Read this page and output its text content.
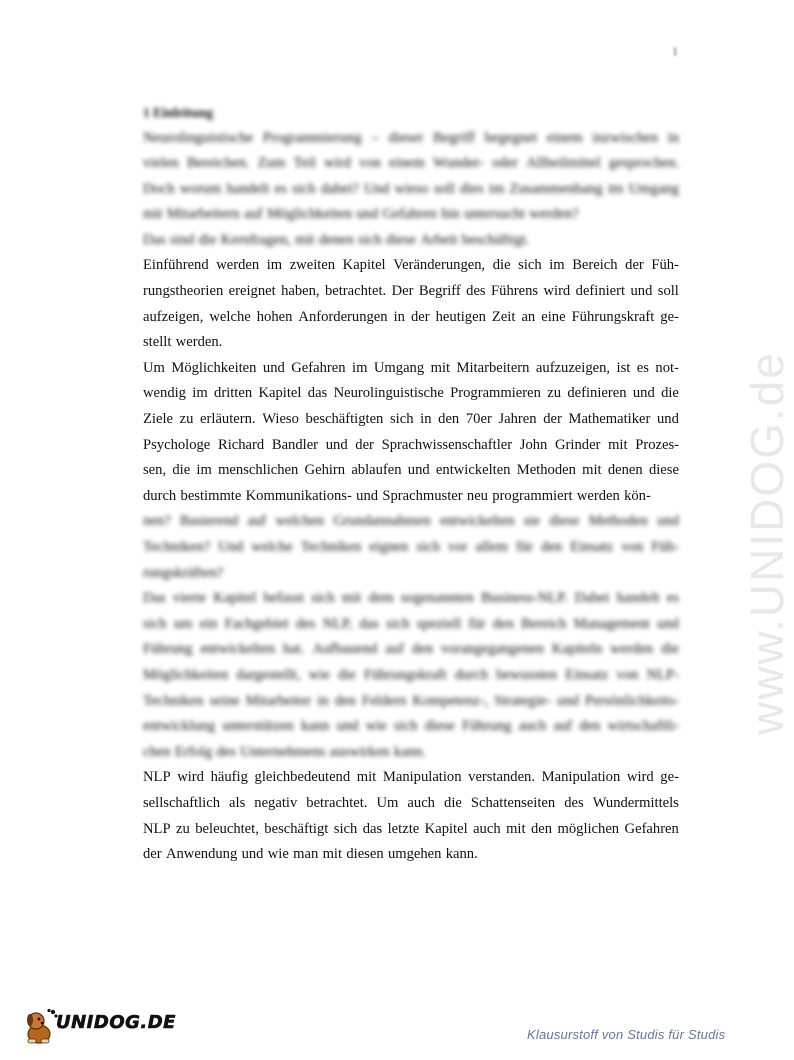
1
www.UNIDOG.de
1 Einleitung
Neurolinguistische Programmierung – dieser Begriff begegnet einem inzwischen in
vielen Bereichen. Zum Teil wird von einem Wunder- oder Allheilmittel gesprochen.
Doch worum handelt es sich dabei? Und wieso soll dies im Zusammenhang im Umgang
mit Mitarbeitern auf Möglichkeiten und Gefahren hin untersucht werden?
Das sind die Kernfragen, mit denen sich diese Arbeit beschäftigt.
Einführend werden im zweiten Kapitel Veränderungen, die sich im Bereich der Füh-
rungstheorien ereignet haben, betrachtet. Der Begriff des Führens wird definiert und soll
aufzeigen, welche hohen Anforderungen in der heutigen Zeit an eine Führungskraft ge-
stellt werden.
Um Möglichkeiten und Gefahren im Umgang mit Mitarbeitern aufzuzeigen, ist es not-
wendig im dritten Kapitel das Neurolinguistische Programmieren zu definieren und die
Ziele zu erläutern. Wieso beschäftigten sich in den 70er Jahren der Mathematiker und
Psychologe Richard Bandler und der Sprachwissenschaftler John Grinder mit Prozes-
sen, die im menschlichen Gehirn ablaufen und entwickelten Methoden mit denen diese
durch bestimmte Kommunikations- und Sprachmuster neu programmiert werden kön-
nen? Basierend auf welchen Grundannahmen entwickelten sie diese Methoden und
Techniken? Und welche Techniken eignen sich vor allem für den Einsatz von Füh-
rungskräften?
Das vierte Kapitel befasst sich mit dem sogenannten Business-NLP. Dabei handelt es
sich um ein Fachgebiet des NLP, das sich speziell für den Bereich Management und
Führung entwickelten hat. Aufbauend auf den vorangegangenen Kapiteln werden die
Möglichkeiten dargestellt, wie die Führungskraft durch bewussten Einsatz von NLP-
Techniken seine Mitarbeiter in den Feldern Kompetenz-, Strategie- und Persönlichkeits-
entwicklung unterstützen kann und wie sich diese Führung auch auf den wirtschaftli-
chen Erfolg des Unternehmens auswirken kann.
NLP wird häufig gleichbedeutend mit Manipulation verstanden. Manipulation wird ge-
sellschaftlich als negativ betrachtet. Um auch die Schattenseiten des Wundermittels
NLP zu beleuchtet, beschäftigt sich das letzte Kapitel auch mit den möglichen Gefahren
der Anwendung und wie man mit diesen umgehen kann.
UNIDOG.DE
Klausurstoff von Studis für Studis
